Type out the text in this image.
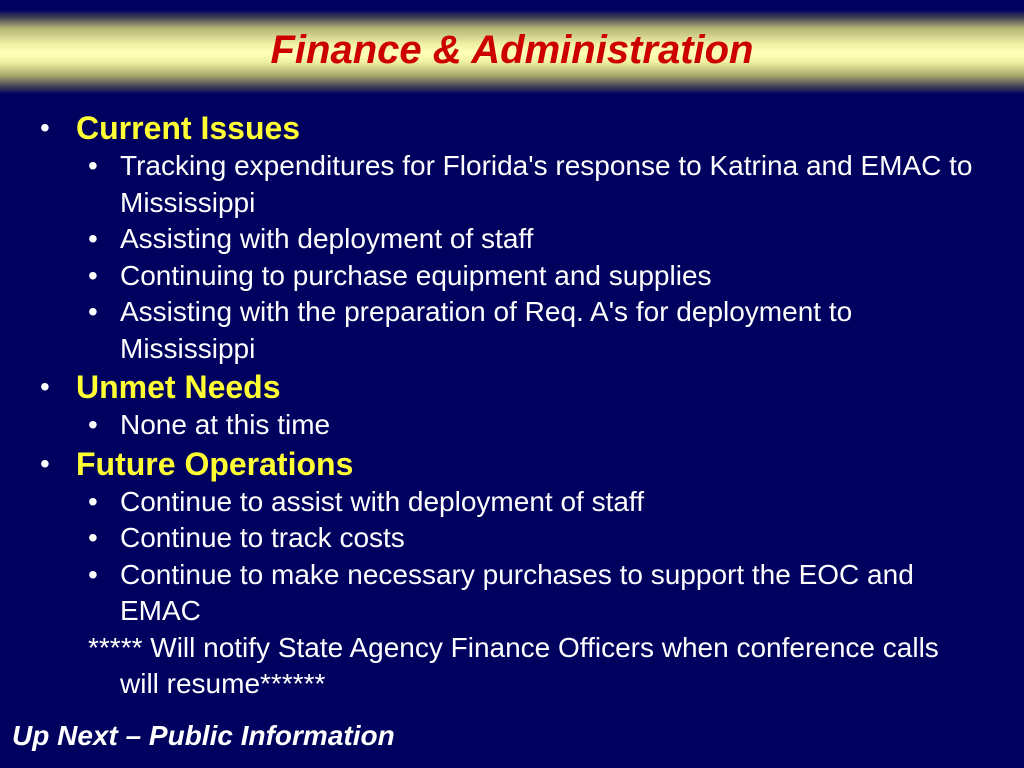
Finance & Administration
• Current Issues
• Tracking expenditures for Florida's response to Katrina and EMAC to Mississippi
• Assisting with deployment of staff
• Continuing to purchase equipment and supplies
• Assisting with the preparation of Req. A's for deployment to Mississippi
• Unmet Needs
• None at this time
• Future Operations
• Continue to assist with deployment of staff
• Continue to track costs
• Continue to make necessary purchases to support the EOC and EMAC
***** Will notify State Agency Finance Officers when conference calls will resume******
Up Next – Public Information
